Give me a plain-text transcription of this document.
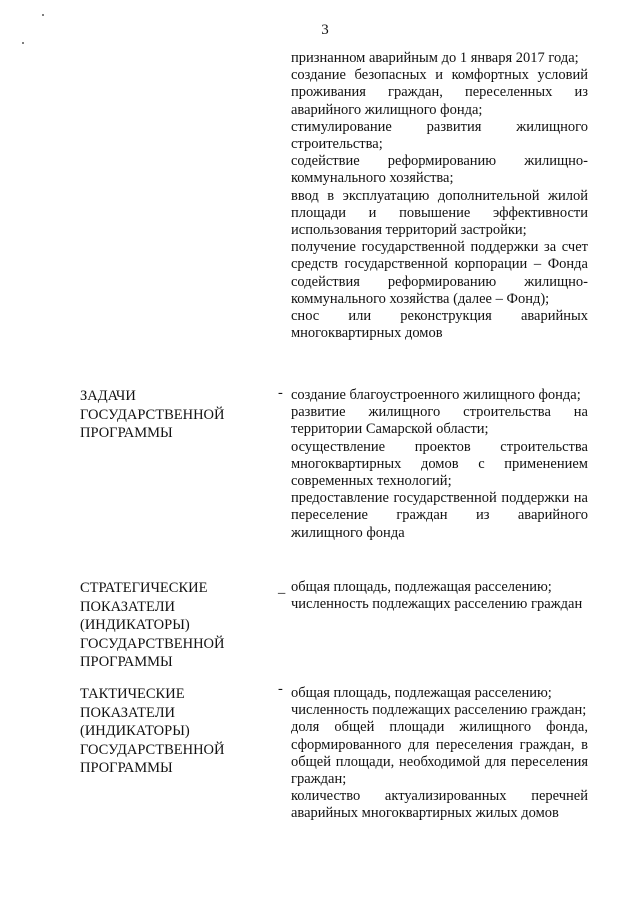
3

признанном аварийным до 1 января 2017 года;

создание безопасных и комфортных условий проживания граждан, переселенных из аварийного жилищного фонда;

стимулирование развития жилищного строительства;

содействие реформированию жилищно-коммунального хозяйства;

ввод в эксплуатацию дополнительной жилой площади и повышение эффективности использования территорий застройки;

получение государственной поддержки за счет средств государственной корпорации – Фонда содействия реформированию жилищно-коммунального хозяйства (далее – Фонд);

снос или реконструкция аварийных многоквартирных домов

ЗАДАЧИ

ГОСУДАРСТВЕННОЙ

ПРОГРАММЫ

- создание благоустроенного жилищного фонда;

развитие жилищного строительства на территории Самарской области;

осуществление проектов строительства многоквартирных домов с применением современных технологий;

предоставление государственной поддержки на переселение граждан из аварийного жилищного фонда

СТРАТЕГИЧЕСКИЕ

ПОКАЗАТЕЛИ

(ИНДИКАТОРЫ)

ГОСУДАРСТВЕННОЙ

ПРОГРАММЫ

_ общая площадь, подлежащая расселению;

численность подлежащих расселению граждан

ТАКТИЧЕСКИЕ

ПОКАЗАТЕЛИ

(ИНДИКАТОРЫ)

ГОСУДАРСТВЕННОЙ

ПРОГРАММЫ

- общая площадь, подлежащая расселению;

численность подлежащих расселению граждан;

доля общей площади жилищного фонда, сформированного для переселения граждан, в общей площади, необходимой для переселения граждан;

количество актуализированных перечней аварийных многоквартирных жилых домов
